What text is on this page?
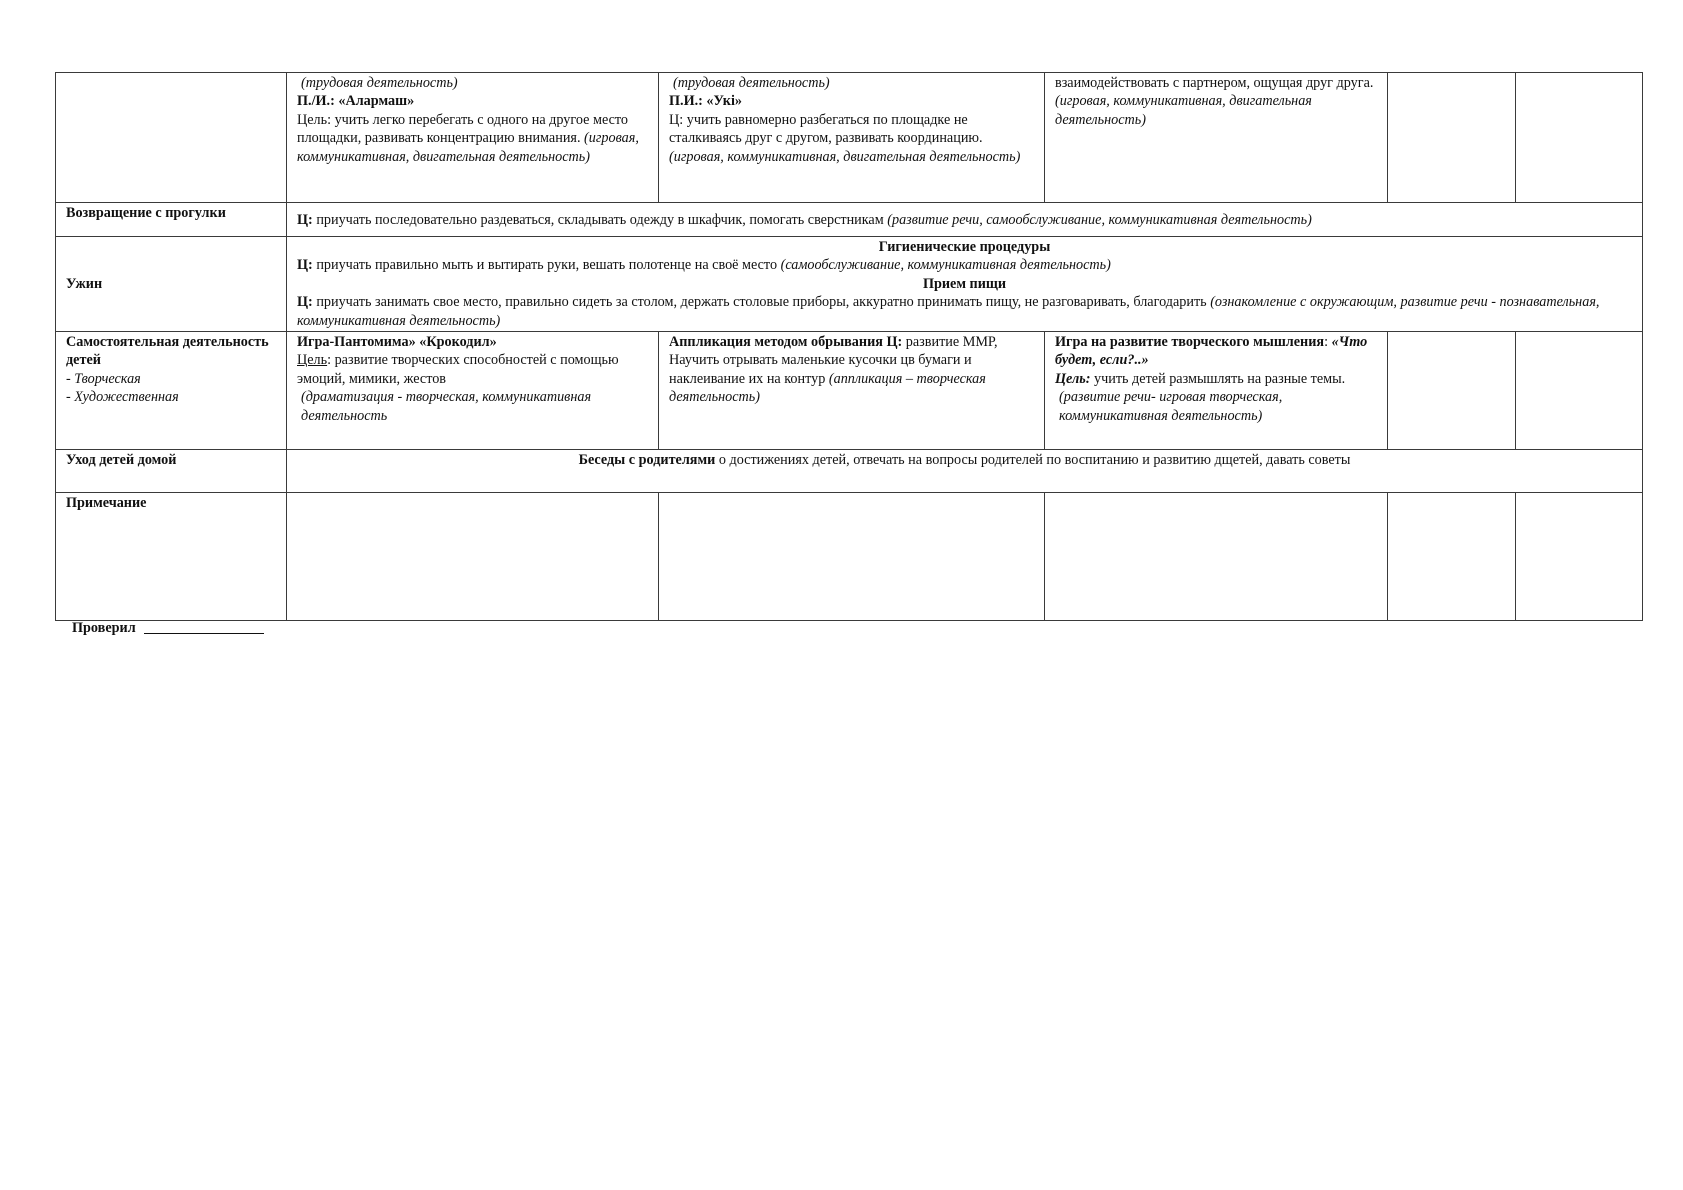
	(трудовая деятельность)
П./И.: «Алармаш»
Цель: учить легко перебегать с одного на другое место площадки, развивать концентрацию внимания. (игровая, коммуникативная, двигательная деятельность)	(трудовая деятельность)
П.И.: «Укі»
Ц: учить равномерно разбегаться по площадке не сталкиваясь друг с другом, развивать координацию.
(игровая, коммуникативная, двигательная деятельность)	взаимодействовать с партнером, ощущая друг друга. (игровая, коммуникативная, двигательная деятельность)		
Возвращение с прогулки	Ц: приучать последовательно раздеваться, складывать одежду в шкафчик, помогать сверстникам (развитие речи, самообслуживание, коммуникативная деятельность)				
Ужин	Гигиенические процедуры
Ц: приучать правильно мыть и вытирать руки, вешать полотенце на своё место (самообслуживание, коммуникативная деятельность)
Прием пищи
Ц: приучать занимать свое место, правильно сидеть за столом, держать столовые приборы, аккуратно принимать пищу, не разговаривать, благодарить (ознакомление с окружающим, развитие речи - познавательная, коммуникативная деятельность)				

Самостоятельная деятельность детей
- Творческая
- Художественная	Игра-Пантомима» «Крокодил»
Цель: развитие творческих способностей с помощью эмоций, мимики, жестов
(драматизация - творческая, коммуникативная деятельность	Аппликация методом обрывания Ц: развитие ММР, Научить отрывать маленькие кусочки цв бумаги и наклеивание их на контур (аппликация – творческая деятельность)	Игра на развитие творческого мышления: «Что будет, если?..»
Цель: учить детей размышлять на разные темы.
(развитие речи- игровая творческая, коммуникативная деятельность)		

Уход детей домой	Беседы с родителями о достижениях детей, отвечать на вопросы родителей по воспитанию и развитию дщетей, давать советы				
Примечание					
Проверил
